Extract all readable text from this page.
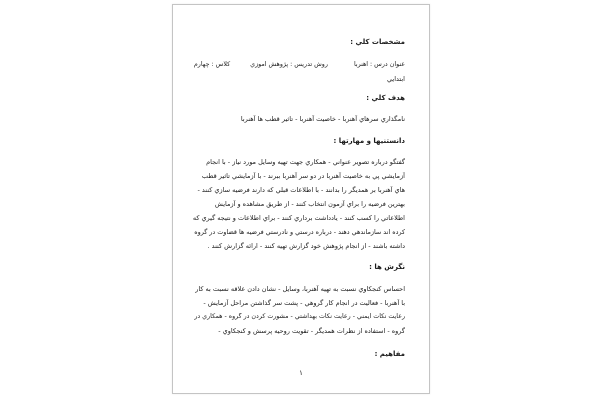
مشخصات کلي :
عنوان درس : آهنربا  روش تدريس : پژوهش آموزي  کلاس : چهارم
ابتدايي
هدف کلي :
نامگذاري سرهاي آهنربا - خاصيت آهنربا - تاثير قطب ها آهنربا
دانستنيها و مهارتها :
گفتگو درباره تصوير عنواني - همکاري جهت تهيه وسايل مورد نياز - با انجام
آزمايشي پي به خاصيت آهنربا در دو سر آهنربا ببرند - با آزمايشي تاثير قطب
هاي آهنربا بر همديگر را بدانند - با اطلاعات قبلي که دارند فرضيه سازي کنند -
بهترين فرضيه را براي آزمون انتخاب کنند - از طريق مشاهده و آزمايش
اطلاعاتي را کسب کنند - يادداشت برداري کنند - براي اطلاعات و نتيجه گيري که
کرده اند سازماندهي دهند - درباره درستي و نادرستي فرضيه ها قضاوت در گروه
داشته باشند - از انجام پژوهش خود گزارش تهيه کنند - ارائه گزارش کنند .
نگرش ها :
احساس کنجکاوي نسبت به تهيه آهنربا، وسايل - نشان دادن علاقه نسبت به کار
با آهنربا - فعاليت در انجام کار گروهي - پشت سر گذاشتن مراحل آزمايش -
رعايت نکات ايمني - رعايت نکات بهداشتي - مشورت کردن در گروه - همکاري در
گروه - استفاده از نظرات همديگر - تقويت روحيه پرسش و کنجکاوي -
مفاهيم :
۱
